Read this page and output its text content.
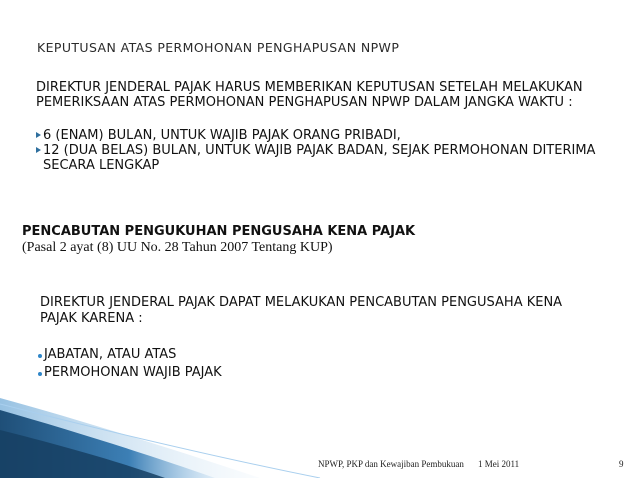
KEPUTUSAN ATAS PERMOHONAN PENGHAPUSAN NPWP
DIREKTUR JENDERAL PAJAK HARUS MEMBERIKAN KEPUTUSAN SETELAH MELAKUKAN PEMERIKSAAN ATAS PERMOHONAN PENGHAPUSAN NPWP DALAM JANGKA WAKTU :
6 (ENAM) BULAN, UNTUK WAJIB PAJAK ORANG PRIBADI,
12 (DUA BELAS) BULAN, UNTUK WAJIB PAJAK BADAN, SEJAK PERMOHONAN DITERIMA SECARA LENGKAP
PENCABUTAN PENGUKUHAN PENGUSAHA KENA PAJAK
(Pasal 2 ayat (8) UU No. 28 Tahun 2007 Tentang KUP)
DIREKTUR JENDERAL PAJAK DAPAT MELAKUKAN PENCABUTAN PENGUSAHA KENA PAJAK KARENA :
JABATAN, ATAU ATAS
PERMOHONAN WAJIB PAJAK
NPWP, PKP dan Kewajiban Pembukuan 1 Mei 2011	9
